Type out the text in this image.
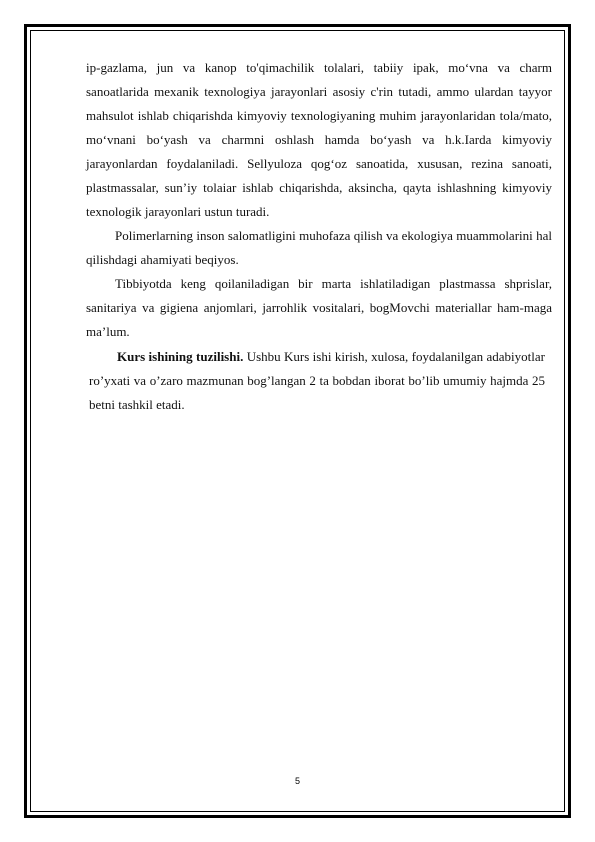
ip-gazlama, jun va kanop to'qimachilik tolalari, tabiiy ipak, mo‘vna va charm sanoatlarida mexanik texnologiya jarayonlari asosiy c'rin tutadi, ammo ulardan tayyor mahsulot ishlab chiqarishda kimyoviy texnologiyaning muhim jarayonlaridan tola/mato, mo‘vnani bo‘yash va charmni oshlash hamda bo‘yash va h.k.Iarda kimyoviy jarayonlardan foydalaniladi. Sellyuloza qog‘oz sanoatida, xususan, rezina sanoati, plastmassalar, sun’iy tolaiar ishlab chiqarishda, aksincha, qayta ishlashning kimyoviy texnologik jarayonlari ustun turadi.

Polimerlarning inson salomatligini muhofaza qilish va ekologiya muammolarini hal qilishdagi ahamiyati beqiyos.

Tibbiyotda keng qoilaniladigan bir marta ishlatiladigan plastmassa shprislar, sanitariya va gigiena anjomlari, jarrohlik vositalari, bogMovchi materiallar ham-maga ma’lum.

Kurs ishining tuzilishi. Ushbu Kurs ishi kirish, xulosa, foydalanilgan adabiyotlar ro’yxati va o’zaro mazmunan bog’langan 2 ta bobdan iborat bo’lib umumiy hajmda 25 betni tashkil etadi.

5
